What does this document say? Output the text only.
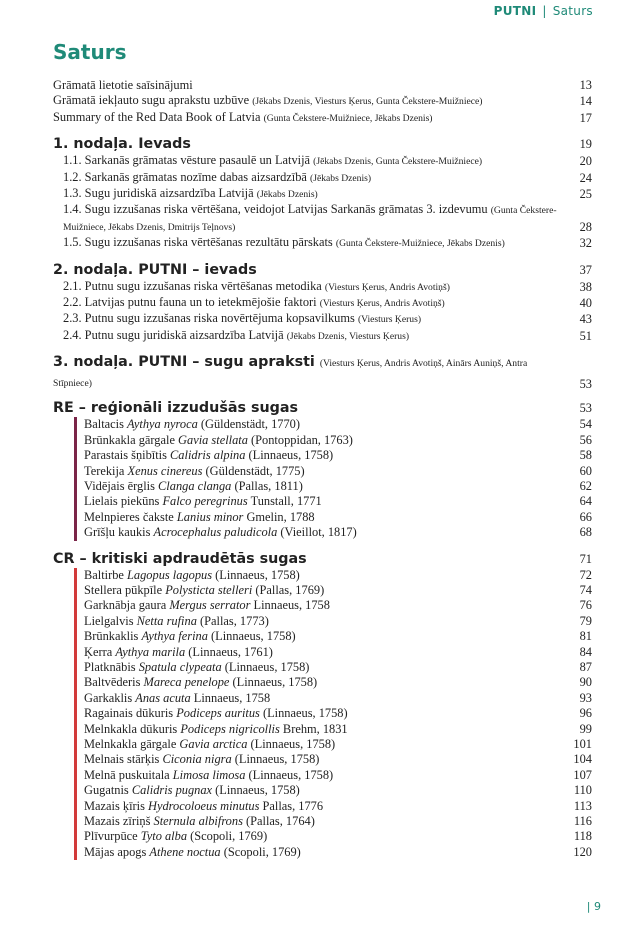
PUTNI | Saturs
Saturs
Grāmatā lietotie saīsinājumi	13
Grāmatā iekļauto sugu aprakstu uzbūve (Jēkabs Dzenis, Viesturs Ķerus, Gunta Čekstere-Muižniece)	14
Summary of the Red Data Book of Latvia (Gunta Čekstere-Muižniece, Jēkabs Dzenis)	17
1. nodaļa. Ievads	19
1.1. Sarkanās grāmatas vēsture pasaulē un Latvijā (Jēkabs Dzenis, Gunta Čekstere-Muižniece)	20
1.2. Sarkanās grāmatas nozīme dabas aizsardzībā (Jēkabs Dzenis)	24
1.3. Sugu juridiskā aizsardzība Latvijā (Jēkabs Dzenis)	25
1.4. Sugu izzušanas riska vērtēšana, veidojot Latvijas Sarkanās grāmatas 3. izdevumu (Gunta Čekstere-Muižniece, Jēkabs Dzenis, Dmitrijs Teļnovs)	28
1.5. Sugu izzušanas riska vērtēšanas rezultātu pārskats (Gunta Čekstere-Muižniece, Jēkabs Dzenis)	32
2. nodaļa. PUTNI – ievads	37
2.1. Putnu sugu izzušanas riska vērtēšanas metodika (Viesturs Ķerus, Andris Avotiņš)	38
2.2. Latvijas putnu fauna un to ietekmējošie faktori (Viesturs Ķerus, Andris Avotiņš)	40
2.3. Putnu sugu izzušanas riska novērtējuma kopsavilkums (Viesturs Ķerus)	43
2.4. Putnu sugu juridiskā aizsardzība Latvijā (Jēkabs Dzenis, Viesturs Ķerus)	51
3. nodaļa. PUTNI – sugu apraksti (Viesturs Ķerus, Andris Avotiņš, Ainārs Auniņš, Antra Stīpniece)	53
RE – reģionāli izzudušās sugas	53
Baltacis Aythya nyroca (Güldenstädt, 1770)	54
Brūnkakla gārgale Gavia stellata (Pontoppidan, 1763)	56
Parastais šņibītis Calidris alpina (Linnaeus, 1758)	58
Terekija Xenus cinereus (Güldenstädt, 1775)	60
Vidējais ērglis Clanga clanga (Pallas, 1811)	62
Lielais piekūns Falco peregrinus Tunstall, 1771	64
Melnpieres čakste Lanius minor Gmelin, 1788	66
Grīšļu kaukis Acrocephalus paludicola (Vieillot, 1817)	68
CR – kritiski apdraudētās sugas	71
Baltirbe Lagopus lagopus (Linnaeus, 1758)	72
Stellera pūkpīle Polysticta stelleri (Pallas, 1769)	74
Garknābja gaura Mergus serrator Linnaeus, 1758	76
Lielgalvis Netta rufina (Pallas, 1773)	79
Brūnkaklis Aythya ferina (Linnaeus, 1758)	81
Ķerra Aythya marila (Linnaeus, 1761)	84
Platknābis Spatula clypeata (Linnaeus, 1758)	87
Baltvēderis Mareca penelope (Linnaeus, 1758)	90
Garkaklis Anas acuta Linnaeus, 1758	93
Ragainais dūkuris Podiceps auritus (Linnaeus, 1758)	96
Melnkakla dūkuris Podiceps nigricollis Brehm, 1831	99
Melnkakla gārgale Gavia arctica (Linnaeus, 1758)	101
Melnais stārķis Ciconia nigra (Linnaeus, 1758)	104
Melnā puskuitala Limosa limosa (Linnaeus, 1758)	107
Gugatnis Calidris pugnax (Linnaeus, 1758)	110
Mazais ķīris Hydrocoloeus minutus Pallas, 1776	113
Mazais zīriņš Sternula albifrons (Pallas, 1764)	116
Plīvurpūce Tyto alba (Scopoli, 1769)	118
Mājas apogs Athene noctua (Scopoli, 1769)	120
| 9
